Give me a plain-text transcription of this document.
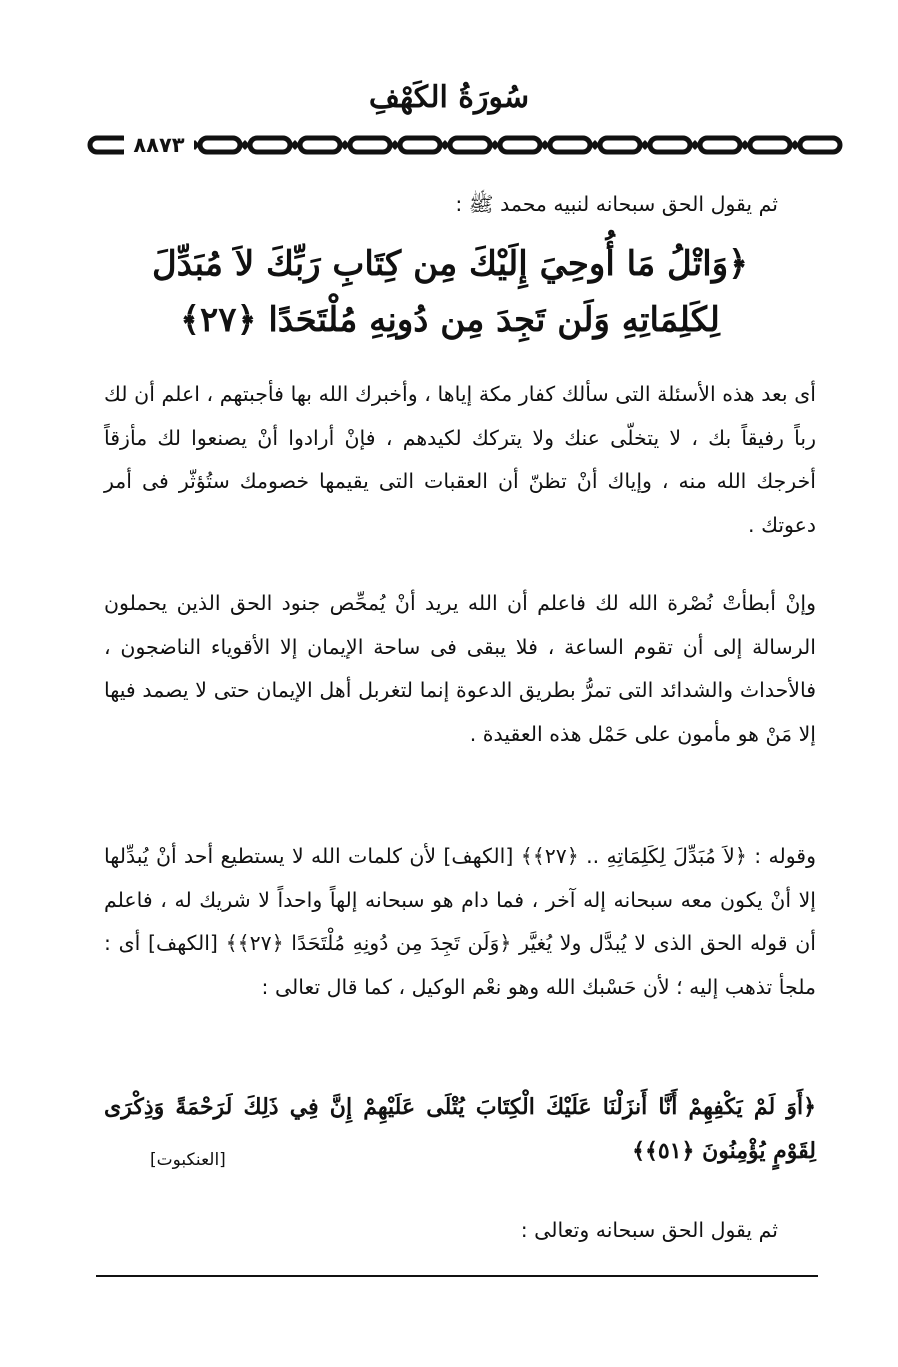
سُورَةُ الكَهْفِ
٨٨٧٣
ثم يقول الحق سبحانه لنبيه محمد ﷺ :
﴿وَاتْلُ مَا أُوحِيَ إِلَيْكَ مِن كِتَابِ رَبِّكَ لاَ مُبَدِّلَ لِكَلِمَاتِهِ وَلَن تَجِدَ مِن دُونِهِ مُلْتَحَدًا ﴿٢٧﴾
أى بعد هذه الأسئلة التى سألك كفار مكة إياها ، وأخبرك الله بها فأجبتهم ، اعلم أن لك رباً رفيقاً بك ، لا يتخلّى عنك ولا يتركك لكيدهم ، فإنْ أرادوا أنْ يصنعوا لك مأزقاً أخرجك الله منه ، وإياك أنْ تظنّ أن العقبات التى يقيمها خصومك ستُؤثّر فى أمر دعوتك .
وإنْ أبطأتْ نُصْرة الله لك فاعلم أن الله يريد أنْ يُمحِّص جنود الحق الذين يحملون الرسالة إلى أن تقوم الساعة ، فلا يبقى فى ساحة الإيمان إلا الأقوياء الناضجون ، فالأحداث والشدائد التى تمرُّ بطريق الدعوة إنما لتغربل أهل الإيمان حتى لا يصمد فيها إلا مَنْ هو مأمون على حَمْل هذه العقيدة .
وقوله : ﴿لاَ مُبَدِّلَ لِكَلِمَاتِهِ .. ﴿٢٧﴾﴾ [الكهف] لأن كلمات الله لا يستطيع أحد أنْ يُبدِّلها إلا أنْ يكون معه سبحانه إله آخر ، فما دام هو سبحانه إلهاً واحداً لا شريك له ، فاعلم أن قوله الحق الذى لا يُبدَّل ولا يُغيَّر ﴿وَلَن تَجِدَ مِن دُونِهِ مُلْتَحَدًا ﴿٢٧﴾﴾ [الكهف] أى : ملجأ تذهب إليه ؛ لأن حَسْبك الله وهو نعْم الوكيل ، كما قال تعالى :
﴿أَوَ لَمْ يَكْفِهِمْ أَنَّا أَنزَلْنَا عَلَيْكَ الْكِتَابَ يُتْلَى عَلَيْهِمْ إِنَّ فِي ذَلِكَ لَرَحْمَةً وَذِكْرَى لِقَوْمٍ يُؤْمِنُونَ ﴿٥١﴾﴾
[العنكبوت]
ثم يقول الحق سبحانه وتعالى :
